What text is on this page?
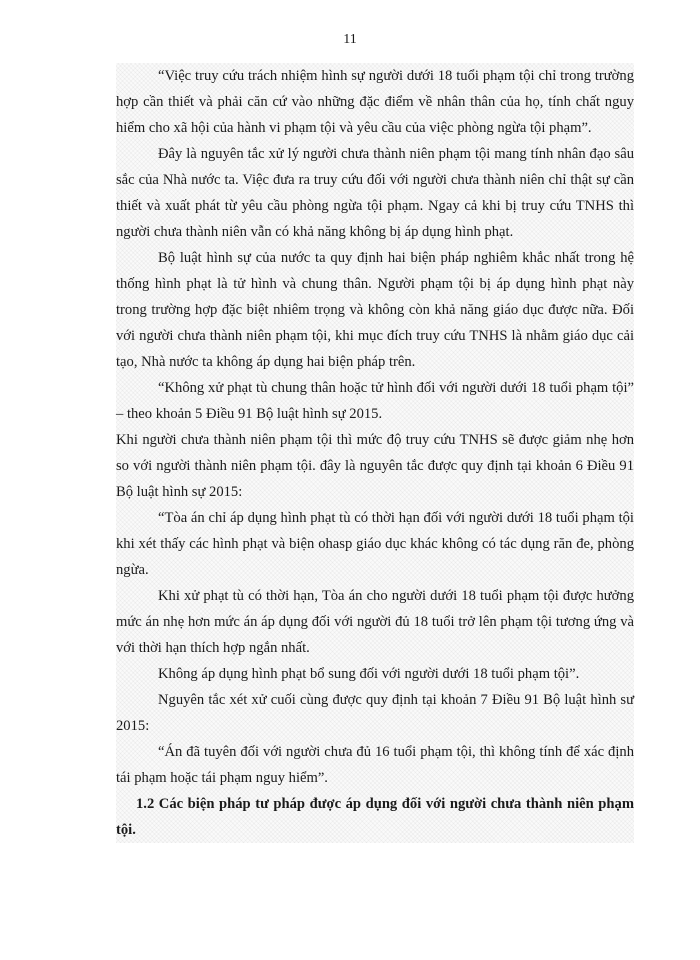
11

“Việc truy cứu trách nhiệm hình sự người dưới 18 tuổi phạm tội chỉ trong trường hợp cần thiết và phải căn cứ vào những đặc điểm về nhân thân của họ, tính chất nguy hiểm cho xã hội của hành vi phạm tội và yêu cầu của việc phòng ngừa tội phạm”.

Đây là nguyên tắc xử lý người chưa thành niên phạm tội mang tính nhân đạo sâu sắc của Nhà nước ta. Việc đưa ra truy cứu đối với người chưa thành niên chỉ thật sự cần thiết và xuất phát từ yêu cầu phòng ngừa tội phạm. Ngay cả khi bị truy cứu TNHS thì người chưa thành niên vẫn có khả năng không bị áp dụng hình phạt.

Bộ luật hình sự của nước ta quy định hai biện pháp nghiêm khắc nhất trong hệ thống hình phạt là tử hình và chung thân. Người phạm tội bị áp dụng hình phạt này trong trường hợp đặc biệt nhiêm trọng và không còn khả năng giáo dục được nữa. Đối với người chưa thành niên phạm tội, khi mục đích truy cứu TNHS là nhằm giáo dục cải tạo, Nhà nước ta không áp dụng hai biện pháp trên.

“Không xử phạt tù chung thân hoặc tử hình đối với người dưới 18 tuổi phạm tội” – theo khoản 5 Điều 91 Bộ luật hình sự 2015.

Khi người chưa thành niên phạm tội thì mức độ truy cứu TNHS sẽ được giảm nhẹ hơn so với người thành niên phạm tội. đây là nguyên tắc được quy định tại khoản 6 Điều 91 Bộ luật hình sự 2015:

“Tòa án chỉ áp dụng hình phạt tù có thời hạn đối với người dưới 18 tuổi phạm tội khi xét thấy các hình phạt và biện ohasp giáo dục khác không có tác dụng răn đe, phòng ngừa.

Khi xử phạt tù có thời hạn, Tòa án cho người dưới 18 tuổi phạm tội được hưởng mức án nhẹ hơn mức án áp dụng đối với người đủ 18 tuổi trở lên phạm tội tương ứng và với thời hạn thích hợp ngắn nhất.

Không áp dụng hình phạt bổ sung đối với người dưới 18 tuổi phạm tội”.

Nguyên tắc xét xử cuối cùng được quy định tại khoản 7 Điều 91 Bộ luật hình sư 2015:

“Án đã tuyên đối với người chưa đủ 16 tuổi phạm tội, thì không tính để xác định tái phạm hoặc tái phạm nguy hiểm”.

1.2 Các biện pháp tư pháp được áp dụng đối với người chưa thành niên phạm tội.
